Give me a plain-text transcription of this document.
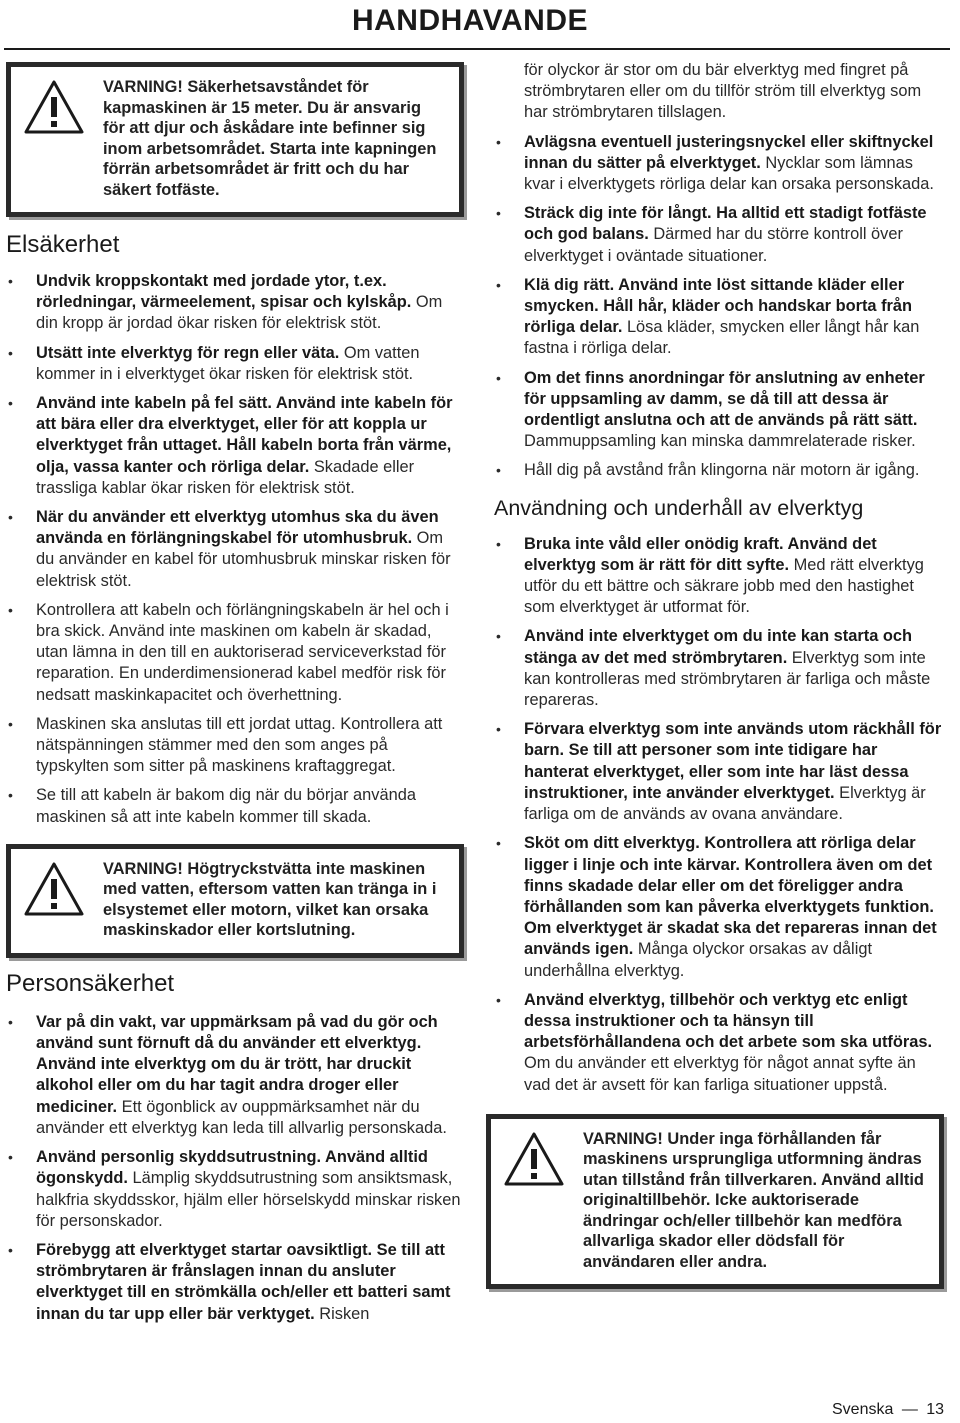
HANDHAVANDE
VARNING! Säkerhetsavståndet för kapmaskinen är 15 meter. Du är ansvarig för att djur och åskådare inte befinner sig inom arbetsområdet. Starta inte kapningen förrän arbetsområdet är fritt och du har säkert fotfäste.
Elsäkerhet
• Undvik kroppskontakt med jordade ytor, t.ex. rörledningar, värmeelement, spisar och kylskåp. Om din kropp är jordad ökar risken för elektrisk stöt.
• Utsätt inte elverktyg för regn eller väta. Om vatten kommer in i elverktyget ökar risken för elektrisk stöt.
• Använd inte kabeln på fel sätt. Använd inte kabeln för att bära eller dra elverktyget, eller för att koppla ur elverktyget från uttaget. Håll kabeln borta från värme, olja, vassa kanter och rörliga delar. Skadade eller trassliga kablar ökar risken för elektrisk stöt.
• När du använder ett elverktyg utomhus ska du även använda en förlängningskabel för utomhusbruk. Om du använder en kabel för utomhusbruk minskar risken för elektrisk stöt.
• Kontrollera att kabeln och förlängningskabeln är hel och i bra skick. Använd inte maskinen om kabeln är skadad, utan lämna in den till en auktoriserad serviceverkstad för reparation. En underdimensionerad kabel medför risk för nedsatt maskinkapacitet och överhettning.
• Maskinen ska anslutas till ett jordat uttag. Kontrollera att nätspänningen stämmer med den som anges på typskylten som sitter på maskinens kraftaggregat.
• Se till att kabeln är bakom dig när du börjar använda maskinen så att inte kabeln kommer till skada.
VARNING! Högtryckstvätta inte maskinen med vatten, eftersom vatten kan tränga in i elsystemet eller motorn, vilket kan orsaka maskinskador eller kortslutning.
Personsäkerhet
• Var på din vakt, var uppmärksam på vad du gör och använd sunt förnuft då du använder ett elverktyg. Använd inte elverktyg om du är trött, har druckit alkohol eller om du har tagit andra droger eller mediciner. Ett ögonblick av ouppmärksamhet när du använder ett elverktyg kan leda till allvarlig personskada.
• Använd personlig skyddsutrustning. Använd alltid ögonskydd. Lämplig skyddsutrustning som ansiktsmask, halkfria skyddsskor, hjälm eller hörselskydd minskar risken för personskador.
• Förebygg att elverktyget startar oavsiktligt. Se till att strömbrytaren är frånslagen innan du ansluter elverktyget till en strömkälla och/eller ett batteri samt innan du tar upp eller bär verktyget. Risken
för olyckor är stor om du bär elverktyg med fingret på strömbrytaren eller om du tillför ström till elverktyg som har strömbrytaren tillslagen.
• Avlägsna eventuell justeringsnyckel eller skiftnyckel innan du sätter på elverktyget. Nycklar som lämnas kvar i elverktygets rörliga delar kan orsaka personskada.
• Sträck dig inte för långt. Ha alltid ett stadigt fotfäste och god balans. Därmed har du större kontroll över elverktyget i oväntade situationer.
• Klä dig rätt. Använd inte löst sittande kläder eller smycken. Håll hår, kläder och handskar borta från rörliga delar. Lösa kläder, smycken eller långt hår kan fastna i rörliga delar.
• Om det finns anordningar för anslutning av enheter för uppsamling av damm, se då till att dessa är ordentligt anslutna och att de används på rätt sätt. Dammuppsamling kan minska dammrelaterade risker.
• Håll dig på avstånd från klingorna när motorn är igång.
Användning och underhåll av elverktyg
• Bruka inte våld eller onödig kraft. Använd det elverktyg som är rätt för ditt syfte. Med rätt elverktyg utför du ett bättre och säkrare jobb med den hastighet som elverktyget är utformat för.
• Använd inte elverktyget om du inte kan starta och stänga av det med strömbrytaren. Elverktyg som inte kan kontrolleras med strömbrytaren är farliga och måste repareras.
• Förvara elverktyg som inte används utom räckhåll för barn. Se till att personer som inte tidigare har hanterat elverktyget, eller som inte har läst dessa instruktioner, inte använder elverktyget. Elverktyg är farliga om de används av ovana användare.
• Sköt om ditt elverktyg. Kontrollera att rörliga delar ligger i linje och inte kärvar. Kontrollera även om det finns skadade delar eller om det föreligger andra förhållanden som kan påverka elverktygets funktion. Om elverktyget är skadat ska det repareras innan det används igen. Många olyckor orsakas av dåligt underhållna elverktyg.
• Använd elverktyg, tillbehör och verktyg etc enligt dessa instruktioner och ta hänsyn till arbetsförhållandena och det arbete som ska utföras. Om du använder ett elverktyg för något annat syfte än vad det är avsett för kan farliga situationer uppstå.
VARNING! Under inga förhållanden får maskinens ursprungliga utformning ändras utan tillstånd från tillverkaren. Använd alltid originaltillbehör. Icke auktoriserade ändringar och/eller tillbehör kan medföra allvarliga skador eller dödsfall för användaren eller andra.
Svenska — 13
